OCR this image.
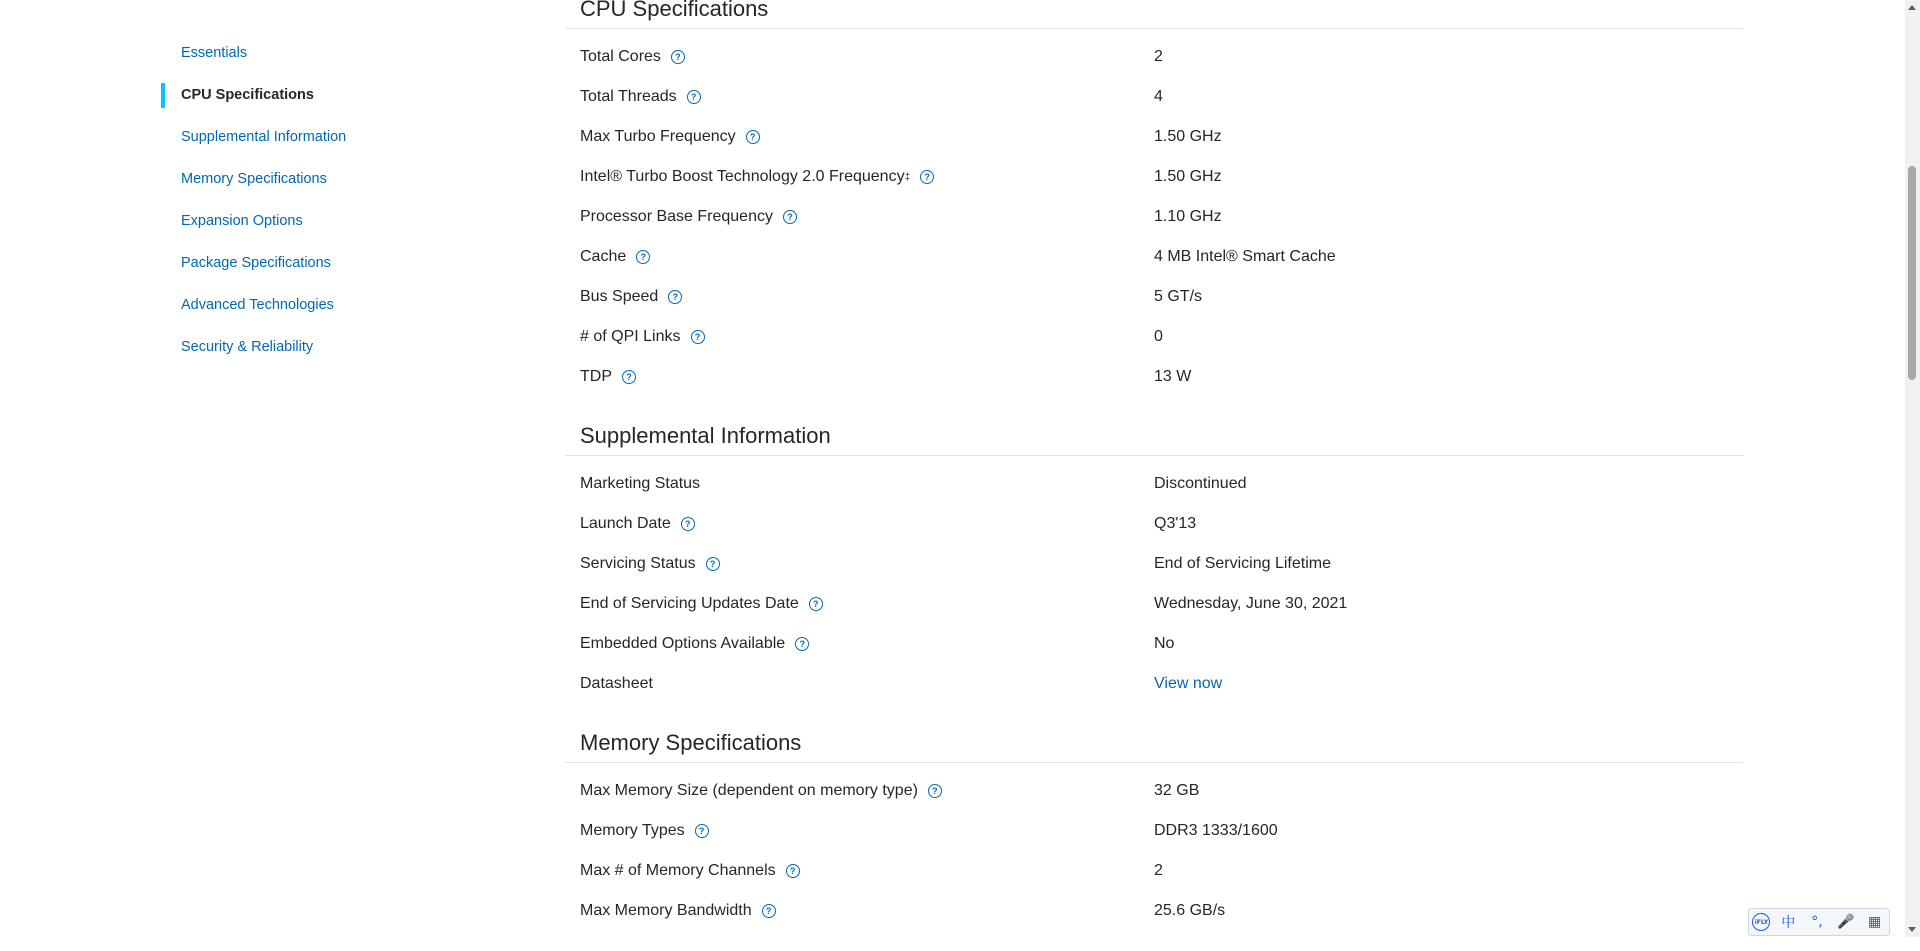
Essentials
CPU Specifications
Supplemental Information
Memory Specifications
Expansion Options
Package Specifications
Advanced Technologies
Security & Reliability
CPU Specifications
Total Cores	?	2
Total Threads	?	4
Max Turbo Frequency	?	1.50 GHz
Intel® Turbo Boost Technology 2.0 Frequency ‡	?	1.50 GHz
Processor Base Frequency	?	1.10 GHz
Cache	?	4 MB Intel® Smart Cache
Bus Speed	?	5 GT/s
# of QPI Links	?	0
TDP	?	13 W
Supplemental Information
Marketing Status	Discontinued
Launch Date	?	Q3'13
Servicing Status	?	End of Servicing Lifetime
End of Servicing Updates Date	?	Wednesday, June 30, 2021
Embedded Options Available	?	No
Datasheet	View now
Memory Specifications
Max Memory Size (dependent on memory type)	?	32 GB
Memory Types	?	DDR3 1333/1600
Max # of Memory Channels	?	2
Max Memory Bandwidth	?	25.6 GB/s
iFLY 中	°,	🎤 ▦
